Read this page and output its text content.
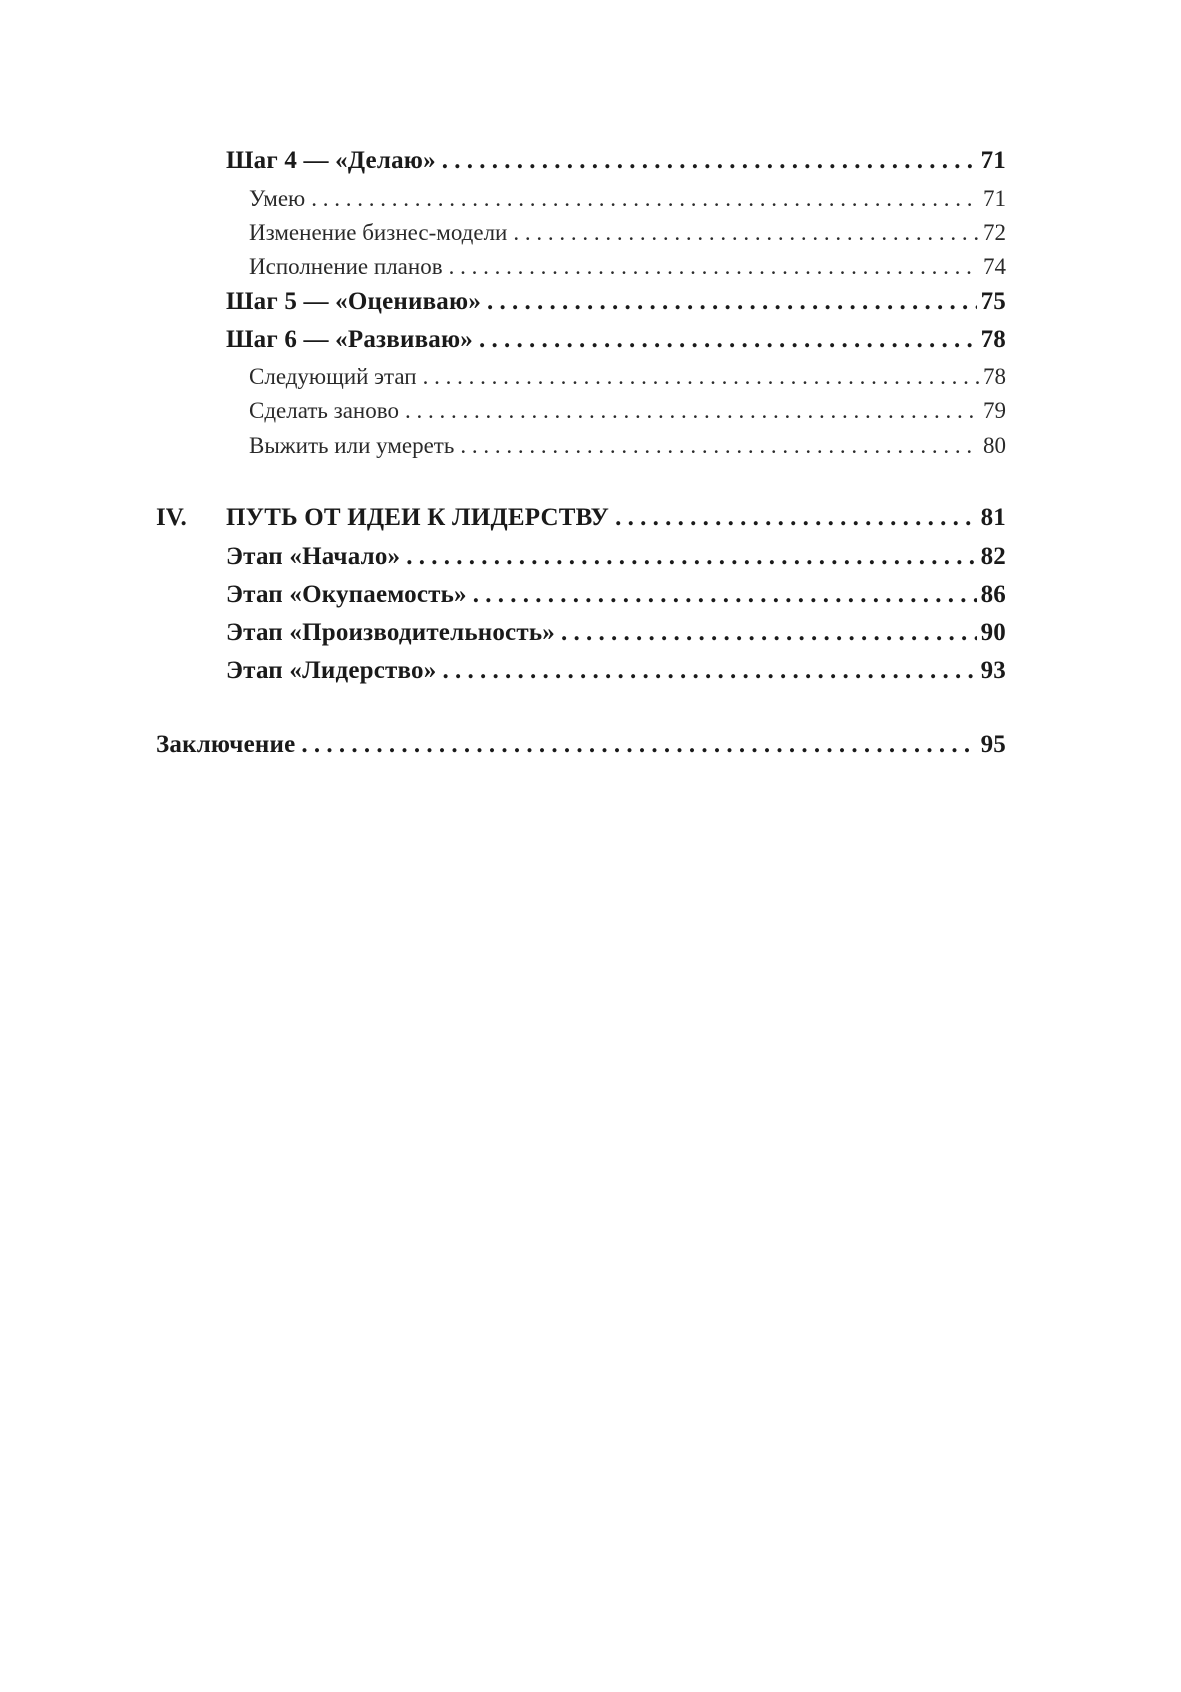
Шаг 4 — «Делаю» . . .	71
Умею . . .	71
Изменение бизнес-модели . . .	72
Исполнение планов . . .	74
Шаг 5 — «Оцениваю» . . .	75
Шаг 6 — «Развиваю» . . .	78
Следующий этап . . .	78
Сделать заново . . .	79
Выжить или умереть . . .	80
IV. ПУТЬ ОТ ИДЕИ К ЛИДЕРСТВУ . . .	81
Этап «Начало» . . .	82
Этап «Окупаемость» . . .	86
Этап «Производительность» . . .	90
Этап «Лидерство» . . .	93
Заключение . . .	95
